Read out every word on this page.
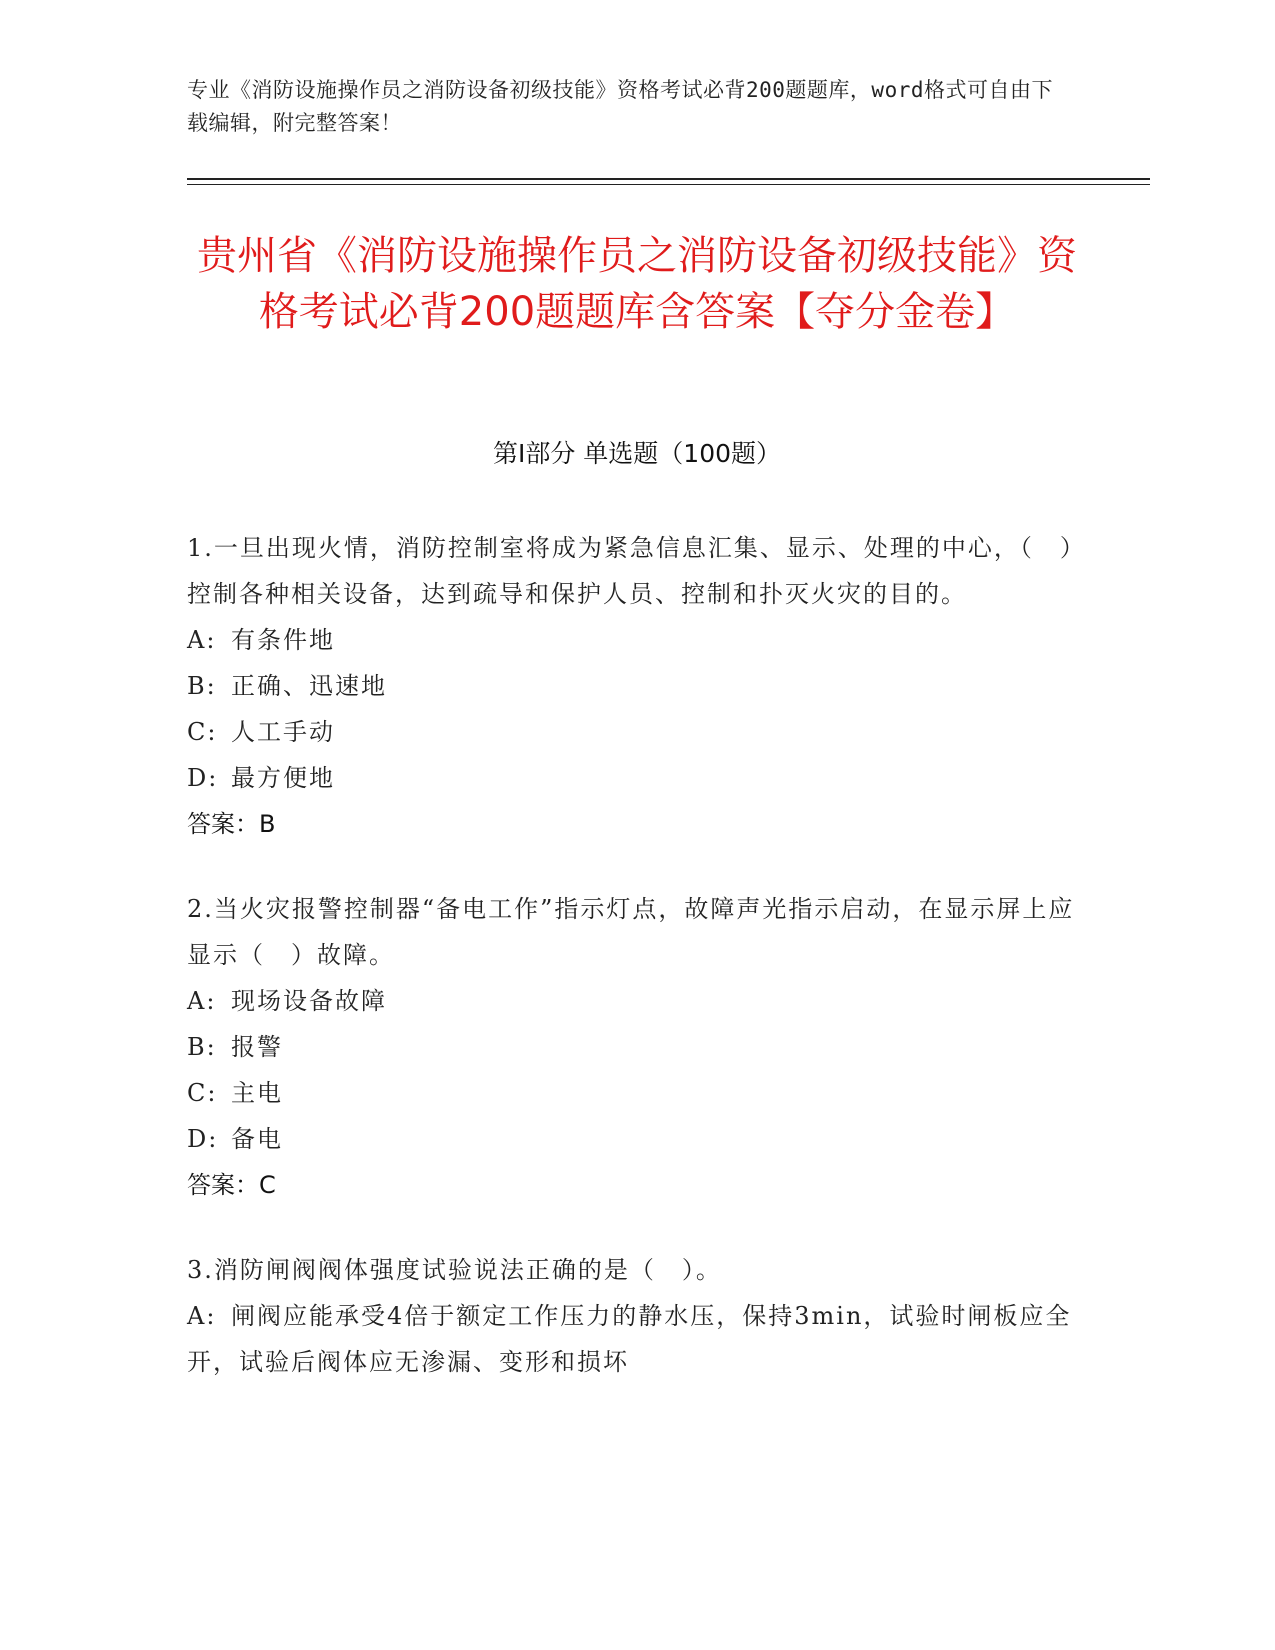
专业《消防设施操作员之消防设备初级技能》资格考试必背200题题库，word格式可自由下载编辑，附完整答案！
贵州省《消防设施操作员之消防设备初级技能》资格考试必背200题题库含答案【夺分金卷】
第Ⅰ部分 单选题（100题）
1.一旦出现火情，消防控制室将成为紧急信息汇集、显示、处理的中心，（　）控制各种相关设备，达到疏导和保护人员、控制和扑灭火灾的目的。
A: 有条件地
B: 正确、迅速地
C: 人工手动
D: 最方便地
答案：B
2.当火灾报警控制器“备电工作”指示灯点，故障声光指示启动，在显示屏上应显示（　）故障。
A: 现场设备故障
B: 报警
C: 主电
D: 备电
答案：C
3.消防闸阀阀体强度试验说法正确的是（　）。
A: 闸阀应能承受4倍于额定工作压力的静水压，保持3min，试验时闸板应全开，试验后阀体应无渗漏、变形和损坏
